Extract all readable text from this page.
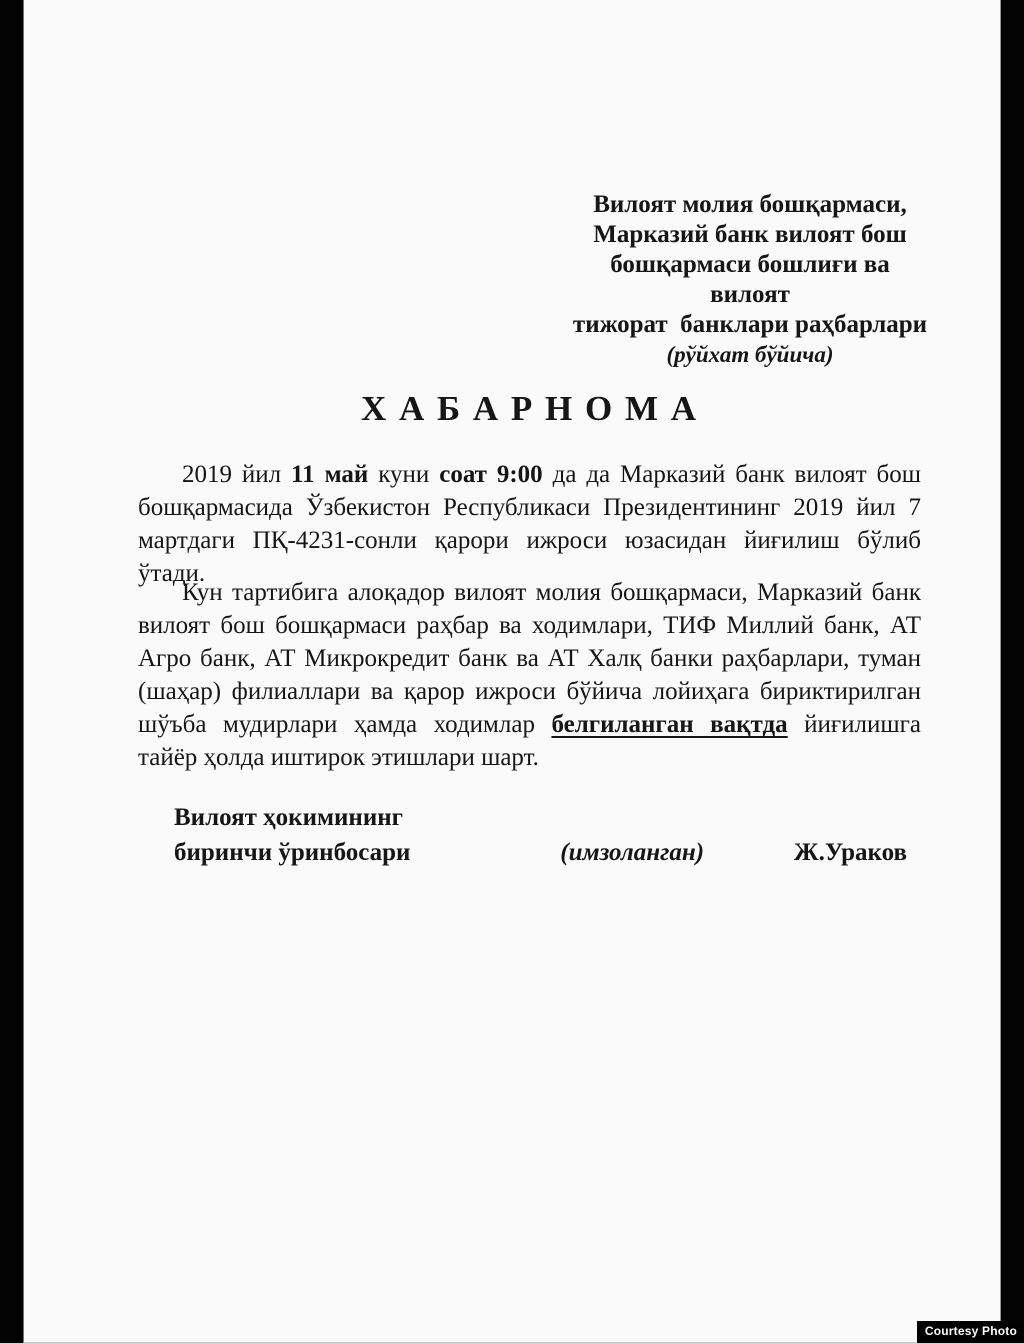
Вилоят молия бошқармаси,
Марказий банк вилоят бош
бошқармаси бошлиғи ва вилоят
тижорат  банклари раҳбарлари
(рўйхат бўйича)
Х А Б А Р Н О М А

2019 йил 11 май куни соат 9:00 да да Марказий банк вилоят бош бошқармасида Ўзбекистон Республикаси Президентининг 2019 йил 7 мартдаги ПҚ-4231-сонли қарори ижроси юзасидан йиғилиш бўлиб ўтади.

Кун тартибига алоқадор вилоят молия бошқармаси, Марказий банк вилоят бош бошқармаси раҳбар ва ходимлари, ТИФ Миллий банк, АТ Агро банк, АТ Микрокредит банк ва АТ Халқ банки раҳбарлари, туман (шаҳар) филиаллари ва қарор ижроси бўйича лойиҳага бириктирилган шўъба мудирлари ҳамда ходимлар белгиланган вақтда йиғилишга тайёр ҳолда иштирок этишлари шарт.

Вилоят ҳокимининг
биринчи ўринбосари	(имзоланган)	Ж.Ураков
Courtesy Photo
